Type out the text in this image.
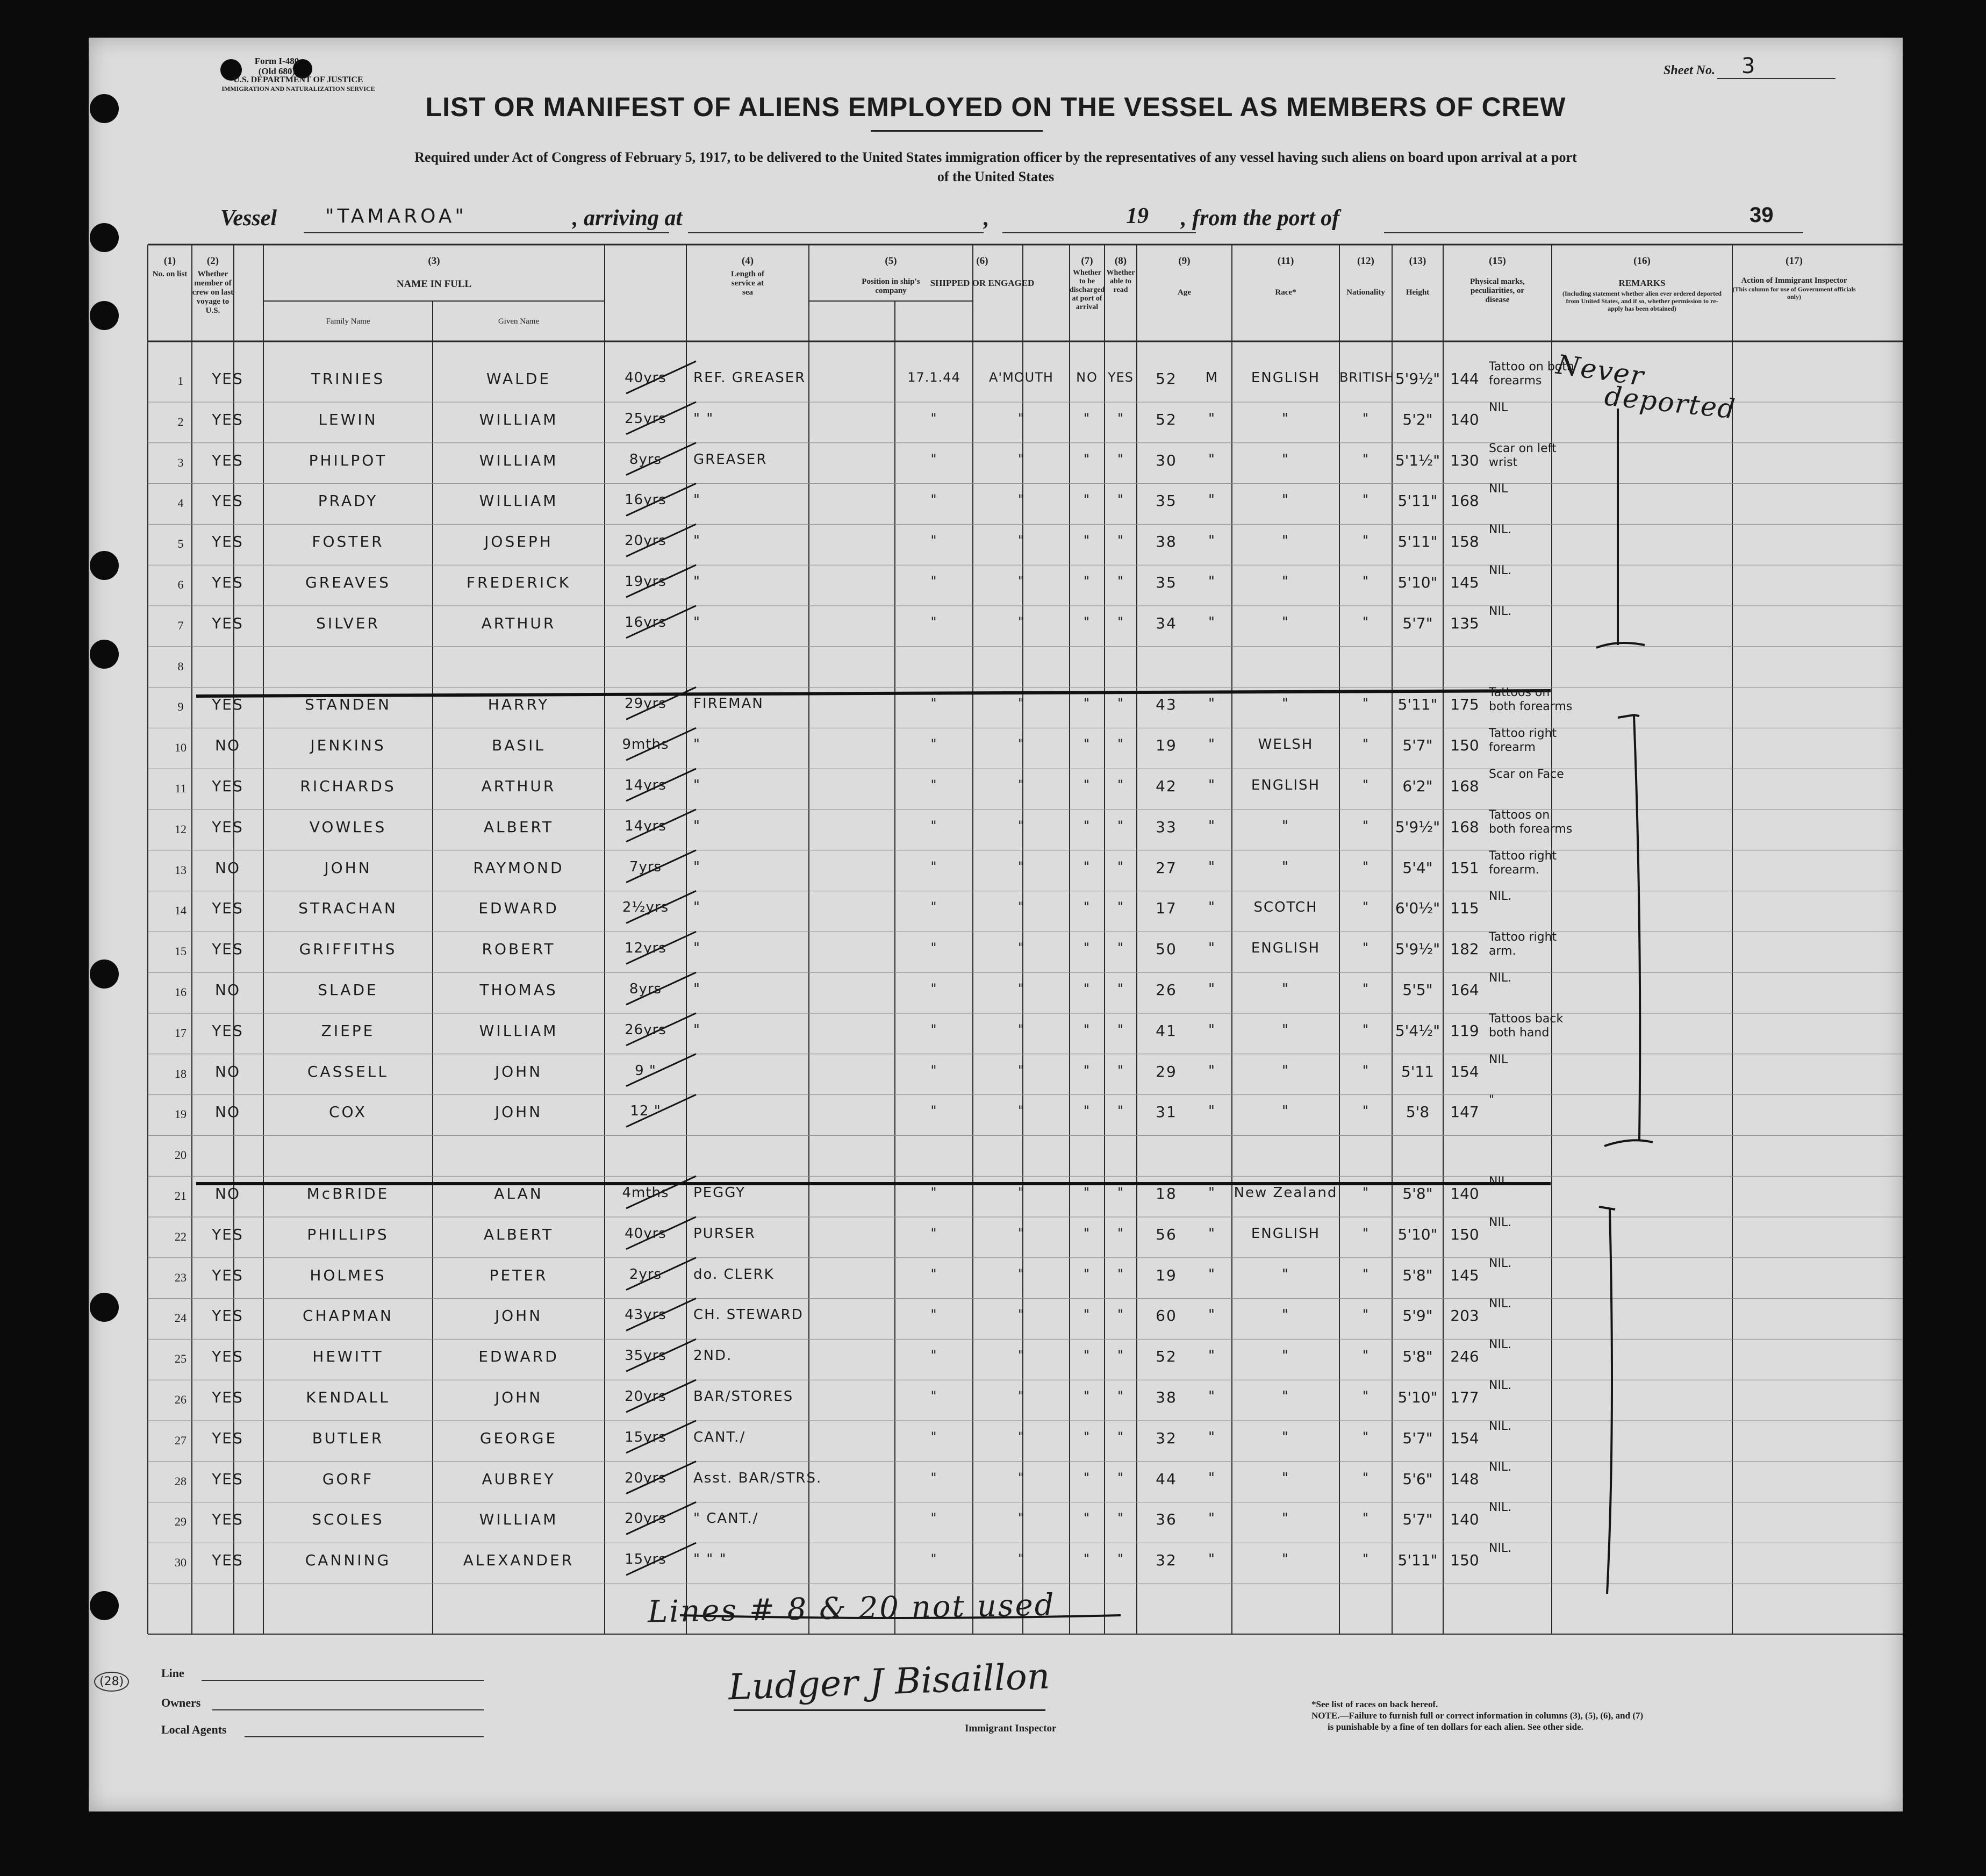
Form I-480
(Old 680)
U.S. DEPARTMENT OF JUSTICE
IMMIGRATION AND NATURALIZATION SERVICE
Sheet No. 3
LIST OR MANIFEST OF ALIENS EMPLOYED ON THE VESSEL AS MEMBERS OF CREW
Required under Act of Congress of February 5, 1917, to be delivered to the United States immigration officer by the representatives of any vessel having such aliens on board upon arrival at a port
of the United States
Vessel	"TAMAROA"	, arriving at	,	19 , from the port of	39
(1)
No. on list
(2)
Whether member of crew on last voyage to U.S.
(3)
NAME IN FULL
Family Name	Given Name
(4)
Length of service at sea
(5)
Position in ship's company
(6)
SHIPPED OR ENGAGED
(7)
Whether to be discharged at port of arrival
(8)
Whether able to read
(9)
Age
(11)
Race*
(12)
Nationality
(13)
Height
(15)
Physical marks, peculiarities, or disease
(16)
REMARKS
(Including statement whether alien ever ordered deported from United States, and if so, whether permission to re-apply has been obtained)
(17)
Action of Immigrant Inspector
(This column for use of Government officials only)
1	YES	TRINIES	WALDE	40yrs	REF. GREASER	17.1.44	A'MOUTH	NO YES	52	M	ENGLISH	BRITISH 5'9½" 144
Tattoo on both forearms
2	YES	LEWIN	WILLIAM	25yrs	" "	"	"	"	"	52	"	"	"	5'2"	140
NIL
3	YES	PHILPOT	WILLIAM	8yrs	GREASER	"	"	"	"	30	"	"	"	5'1½" 130
Scar on left wrist
4	YES	PRADY	WILLIAM	16yrs	"	"	"	"	"	35	"	"	"	5'11" 168
NIL
5	YES	FOSTER	JOSEPH	20yrs	"	"	"	"	"	38	"	"	"	5'11" 158
NIL.
6	YES	GREAVES	FREDERICK	19yrs	"	"	"	"	"	35	"	"	"	5'10" 145
NIL.
7	YES	SILVER	ARTHUR	16yrs	"	"	"	"	"	34	"	"	"	5'7"	135
NIL.
8
9	YES	STANDEN	HARRY	29yrs	FIREMAN	"	"	"	"	43	"	"	"	5'11" 175
Tattoos on both forearms
10	NO	JENKINS	BASIL	9mths	"	"	"	"	"	19	"	WELSH	"	5'7"	150
Tattoo right forearm
11	YES	RICHARDS	ARTHUR	14yrs	"	"	"	"	"	42	"	ENGLISH	"	6'2"	168
Scar on Face
12	YES	VOWLES	ALBERT	14yrs	"	"	"	"	"	33	"	"	"	5'9½" 168
Tattoos on both forearms
13	NO	JOHN	RAYMOND	7yrs	"	"	"	"	"	27	"	"	"	5'4"	151
Tattoo right forearm.
14	YES	STRACHAN	EDWARD	2½yrs	"	"	"	"	"	17	"	SCOTCH	"	6'0½" 115
NIL.
15	YES	GRIFFITHS	ROBERT	12yrs	"	"	"	"	"	50	"	ENGLISH	"	5'9½" 182
Tattoo right arm.
16	NO	SLADE	THOMAS	8yrs	"	"	"	"	"	26	"	"	"	5'5"	164
NIL.
17	YES	ZIEPE	WILLIAM	26yrs	"	"	"	"	"	41	"	"	"	5'4½" 119
Tattoos back both hand
18	NO	CASSELL	JOHN	9 "	"	"	"	"	29	"	"	"	5'11	154
NIL
19	NO	COX	JOHN	12 "	"	"	"	"	31	"	"	"	5'8	147
"
20
21	NO	McBRIDE	ALAN	4mths	PEGGY	"	"	"	"	18	"	New Zealand	"	5'8"	140
NIL.
22	YES	PHILLIPS	ALBERT	40yrs	PURSER	"	"	"	"	56	"	ENGLISH	"	5'10" 150
NIL.
23	YES	HOLMES	PETER	2yrs	do. CLERK	"	"	"	"	19	"	"	"	5'8"	145
NIL.
24	YES	CHAPMAN	JOHN	43yrs	CH. STEWARD	"	"	"	"	60	"	"	"	5'9"	203
NIL.
25	YES	HEWITT	EDWARD	35yrs	2ND.	"	"	"	"	52	"	"	"	5'8"	246
NIL.
26	YES	KENDALL	JOHN	20yrs	BAR/STORES	"	"	"	"	38	"	"	"	5'10" 177
NIL.
27	YES	BUTLER	GEORGE	15yrs	CANT./	"	"	"	"	32	"	"	"	5'7"	154
NIL.
28	YES	GORF	AUBREY	20yrs	Asst. BAR/STRS.	"	"	"	"	44	"	"	"	5'6"	148
NIL.
29	YES	SCOLES	WILLIAM	20yrs	" CANT./	"	"	"	"	36	"	"	"	5'7"	140
NIL.
30	YES	CANNING	ALEXANDER	15yrs	" " "	"	"	"	"	32	"	"	"	5'11" 150
NIL.
Never
deported
Lines # 8 & 20 not used
Line
Owners
Local Agents
(28)	Ludger J Bisaillon
Immigrant Inspector
*See list of races on back hereof.
NOTE.—Failure to furnish full or correct information in columns (3), (5), (6), and (7)
is punishable by a fine of ten dollars for each alien. See other side.
